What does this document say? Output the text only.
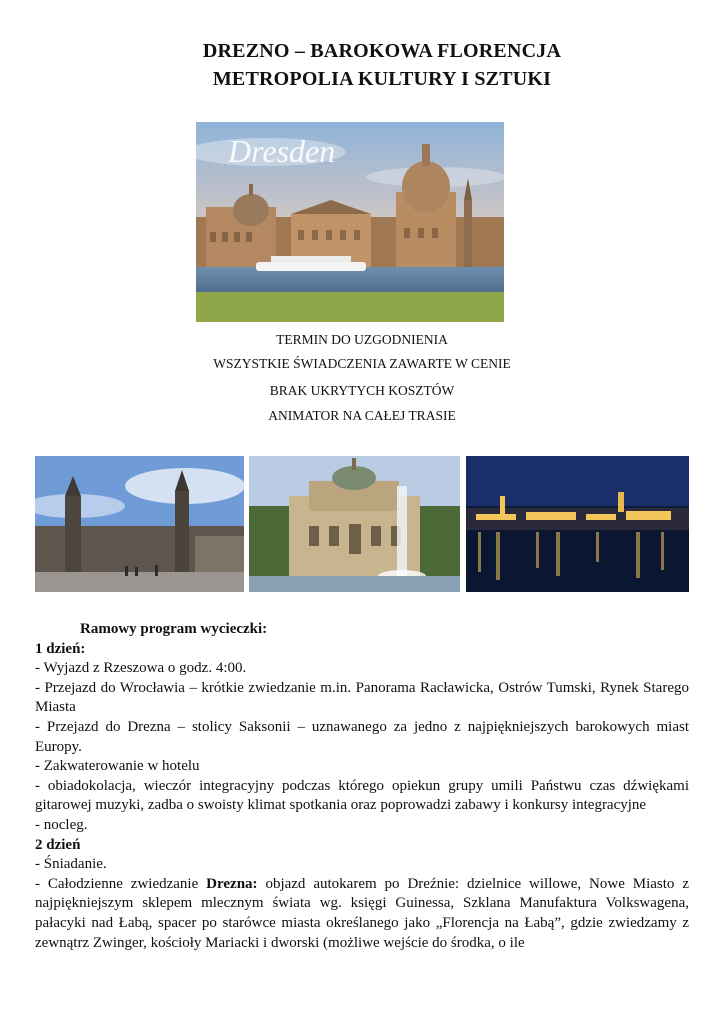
DREZNO – BAROKOWA FLORENCJA
METROPOLIA KULTURY I SZTUKI
Dresden
TERMIN DO UZGODNIENIA
WSZYSTKIE ŚWIADCZENIA ZAWARTE W CENIE
BRAK UKRYTYCH KOSZTÓW
ANIMATOR NA CAŁEJ TRASIE

Ramowy program wycieczki:

1 dzień:

- Wyjazd z Rzeszowa o godz. 4:00.

- Przejazd do Wrocławia – krótkie zwiedzanie m.in. Panorama Racławicka, Ostrów Tumski, Rynek Starego Miasta

- Przejazd do Drezna – stolicy Saksonii – uznawanego za jedno z najpiękniejszych barokowych miast Europy.

- Zakwaterowanie w hotelu

- obiadokolacja, wieczór integracyjny podczas którego opiekun grupy umili Państwu czas dźwiękami gitarowej muzyki, zadba o swoisty klimat spotkania oraz poprowadzi zabawy i konkursy integracyjne

- nocleg.

2 dzień

- Śniadanie.

- Całodzienne zwiedzanie Drezna: objazd autokarem po Dreźnie: dzielnice willowe, Nowe Miasto z najpiękniejszym sklepem mlecznym świata wg. księgi Guinessa, Szklana Manufaktura Volkswagena, pałacyki nad Łabą, spacer po starówce miasta określanego jako „Florencja na Łabą”, gdzie zwiedzamy z zewnątrz Zwinger, kościoły Mariacki i dworski (możliwe wejście do środka, o ile
